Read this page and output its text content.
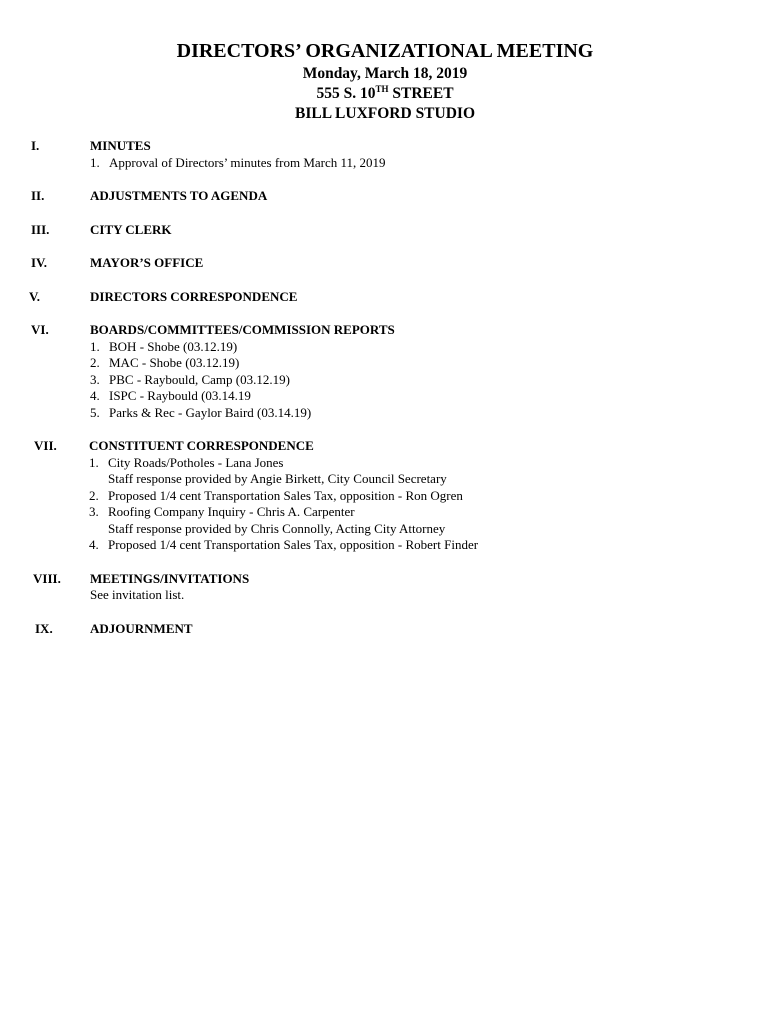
DIRECTORS’ ORGANIZATIONAL MEETING
Monday, March 18, 2019
555 S. 10TH STREET
BILL LUXFORD STUDIO
I.	MINUTES
1. Approval of Directors’ minutes from March 11, 2019
II.	ADJUSTMENTS TO AGENDA
III.	CITY CLERK
IV.	MAYOR’S OFFICE
V.	DIRECTORS CORRESPONDENCE
VI.	BOARDS/COMMITTEES/COMMISSION REPORTS
1. BOH - Shobe (03.12.19)
2. MAC - Shobe (03.12.19)
3. PBC - Raybould, Camp (03.12.19)
4. ISPC - Raybould (03.14.19
5. Parks & Rec - Gaylor Baird (03.14.19)
VII. CONSTITUENT CORRESPONDENCE
1. City Roads/Potholes - Lana Jones
Staff response provided by Angie Birkett, City Council Secretary
2. Proposed 1/4 cent Transportation Sales Tax, opposition - Ron Ogren
3. Roofing Company Inquiry - Chris A. Carpenter
Staff response provided by Chris Connolly, Acting City Attorney
4. Proposed 1/4 cent Transportation Sales Tax, opposition - Robert Finder
VIII. MEETINGS/INVITATIONS
See invitation list.
IX.	ADJOURNMENT
